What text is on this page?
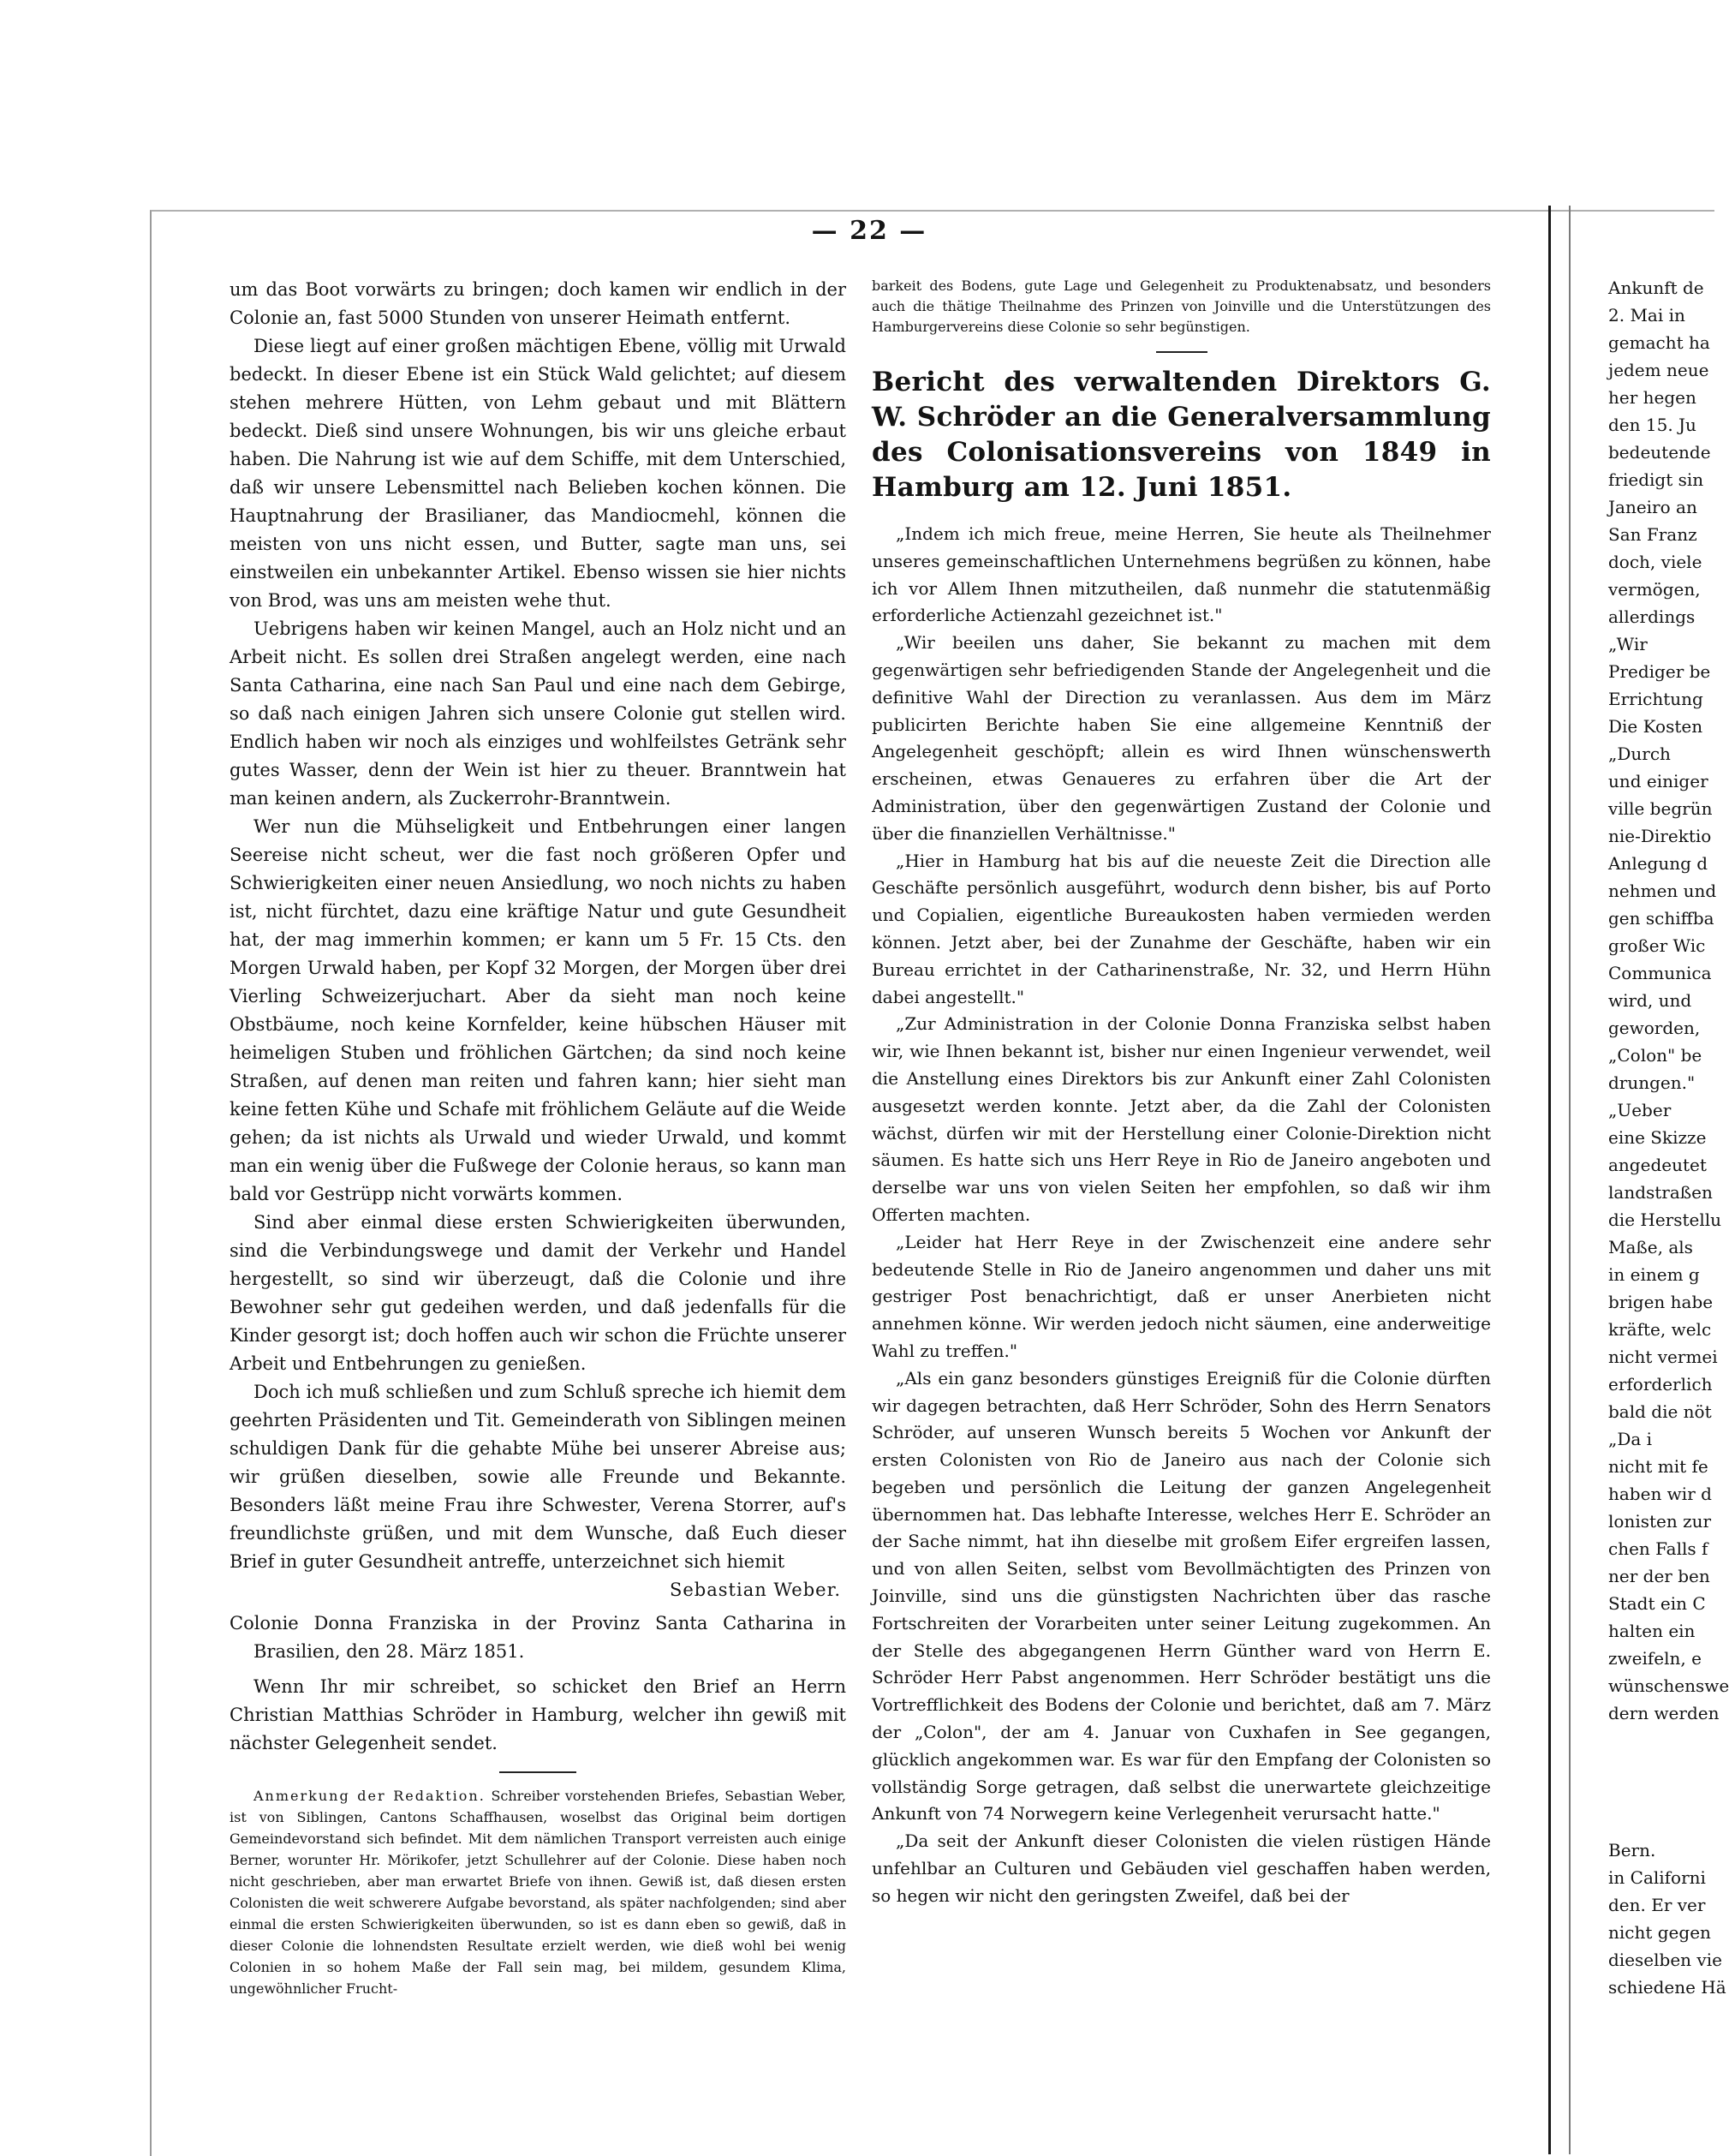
— 22 —

um das Boot vorwärts zu bringen; doch kamen wir endlich in der Colonie an, fast 5000 Stunden von unserer Heimath entfernt.

Diese liegt auf einer großen mächtigen Ebene, völlig mit Urwald bedeckt. In dieser Ebene ist ein Stück Wald gelichtet; auf diesem stehen mehrere Hütten, von Lehm gebaut und mit Blättern bedeckt. Dieß sind unsere Wohnungen, bis wir uns gleiche erbaut haben. Die Nahrung ist wie auf dem Schiffe, mit dem Unterschied, daß wir unsere Lebensmittel nach Belieben kochen können. Die Hauptnahrung der Brasilianer, das Mandiocmehl, können die meisten von uns nicht essen, und Butter, sagte man uns, sei einstweilen ein unbekannter Artikel. Ebenso wissen sie hier nichts von Brod, was uns am meisten wehe thut.

Uebrigens haben wir keinen Mangel, auch an Holz nicht und an Arbeit nicht. Es sollen drei Straßen angelegt werden, eine nach Santa Catharina, eine nach San Paul und eine nach dem Gebirge, so daß nach einigen Jahren sich unsere Colonie gut stellen wird. Endlich haben wir noch als einziges und wohlfeilstes Getränk sehr gutes Wasser, denn der Wein ist hier zu theuer. Branntwein hat man keinen andern, als Zuckerrohr-Branntwein.

Wer nun die Mühseligkeit und Entbehrungen einer langen Seereise nicht scheut, wer die fast noch größeren Opfer und Schwierigkeiten einer neuen Ansiedlung, wo noch nichts zu haben ist, nicht fürchtet, dazu eine kräftige Natur und gute Gesundheit hat, der mag immerhin kommen; er kann um 5 Fr. 15 Cts. den Morgen Urwald haben, per Kopf 32 Morgen, der Morgen über drei Vierling Schweizerjuchart. Aber da sieht man noch keine Obstbäume, noch keine Kornfelder, keine hübschen Häuser mit heimeligen Stuben und fröhlichen Gärtchen; da sind noch keine Straßen, auf denen man reiten und fahren kann; hier sieht man keine fetten Kühe und Schafe mit fröhlichem Geläute auf die Weide gehen; da ist nichts als Urwald und wieder Urwald, und kommt man ein wenig über die Fußwege der Colonie heraus, so kann man bald vor Gestrüpp nicht vorwärts kommen.

Sind aber einmal diese ersten Schwierigkeiten überwunden, sind die Verbindungswege und damit der Verkehr und Handel hergestellt, so sind wir überzeugt, daß die Colonie und ihre Bewohner sehr gut gedeihen werden, und daß jedenfalls für die Kinder gesorgt ist; doch hoffen auch wir schon die Früchte unserer Arbeit und Entbehrungen zu genießen.

Doch ich muß schließen und zum Schluß spreche ich hiemit dem geehrten Präsidenten und Tit. Gemeinderath von Siblingen meinen schuldigen Dank für die gehabte Mühe bei unserer Abreise aus; wir grüßen dieselben, sowie alle Freunde und Bekannte. Besonders läßt meine Frau ihre Schwester, Verena Storrer, auf's freundlichste grüßen, und mit dem Wunsche, daß Euch dieser Brief in guter Gesundheit antreffe, unterzeichnet sich hiemit

Sebastian Weber.

Colonie Donna Franziska in der Provinz Santa Catharina in Brasilien, den 28. März 1851.

Wenn Ihr mir schreibet, so schicket den Brief an Herrn Christian Matthias Schröder in Hamburg, welcher ihn gewiß mit nächster Gelegenheit sendet.

Anmerkung der Redaktion. Schreiber vorstehenden Briefes, Sebastian Weber, ist von Siblingen, Cantons Schaffhausen, woselbst das Original beim dortigen Gemeindevorstand sich befindet. Mit dem nämlichen Transport verreisten auch einige Berner, worunter Hr. Mörikofer, jetzt Schullehrer auf der Colonie. Diese haben noch nicht geschrieben, aber man erwartet Briefe von ihnen. Gewiß ist, daß diesen ersten Colonisten die weit schwerere Aufgabe bevorstand, als später nachfolgenden; sind aber einmal die ersten Schwierigkeiten überwunden, so ist es dann eben so gewiß, daß in dieser Colonie die lohnendsten Resultate erzielt werden, wie dieß wohl bei wenig Colonien in so hohem Maße der Fall sein mag, bei mildem, gesundem Klima, ungewöhnlicher Frucht-

barkeit des Bodens, gute Lage und Gelegenheit zu Produktenabsatz, und besonders auch die thätige Theilnahme des Prinzen von Joinville und die Unterstützungen des Hamburgervereins diese Colonie so sehr begünstigen.

Bericht des verwaltenden Direktors G. W. Schröder an die Generalversammlung des Colonisationsvereins von 1849 in Hamburg am 12. Juni 1851.

„Indem ich mich freue, meine Herren, Sie heute als Theilnehmer unseres gemeinschaftlichen Unternehmens begrüßen zu können, habe ich vor Allem Ihnen mitzutheilen, daß nunmehr die statutenmäßig erforderliche Actienzahl gezeichnet ist."

„Wir beeilen uns daher, Sie bekannt zu machen mit dem gegenwärtigen sehr befriedigenden Stande der Angelegenheit und die definitive Wahl der Direction zu veranlassen. Aus dem im März publicirten Berichte haben Sie eine allgemeine Kenntniß der Angelegenheit geschöpft; allein es wird Ihnen wünschenswerth erscheinen, etwas Genaueres zu erfahren über die Art der Administration, über den gegenwärtigen Zustand der Colonie und über die finanziellen Verhältnisse."

„Hier in Hamburg hat bis auf die neueste Zeit die Direction alle Geschäfte persönlich ausgeführt, wodurch denn bisher, bis auf Porto und Copialien, eigentliche Bureaukosten haben vermieden werden können. Jetzt aber, bei der Zunahme der Geschäfte, haben wir ein Bureau errichtet in der Catharinenstraße, Nr. 32, und Herrn Hühn dabei angestellt."

„Zur Administration in der Colonie Donna Franziska selbst haben wir, wie Ihnen bekannt ist, bisher nur einen Ingenieur verwendet, weil die Anstellung eines Direktors bis zur Ankunft einer Zahl Colonisten ausgesetzt werden konnte. Jetzt aber, da die Zahl der Colonisten wächst, dürfen wir mit der Herstellung einer Colonie-Direktion nicht säumen. Es hatte sich uns Herr Reye in Rio de Janeiro angeboten und derselbe war uns von vielen Seiten her empfohlen, so daß wir ihm Offerten machten.

„Leider hat Herr Reye in der Zwischenzeit eine andere sehr bedeutende Stelle in Rio de Janeiro angenommen und daher uns mit gestriger Post benachrichtigt, daß er unser Anerbieten nicht annehmen könne. Wir werden jedoch nicht säumen, eine anderweitige Wahl zu treffen."

„Als ein ganz besonders günstiges Ereigniß für die Colonie dürften wir dagegen betrachten, daß Herr Schröder, Sohn des Herrn Senators Schröder, auf unseren Wunsch bereits 5 Wochen vor Ankunft der ersten Colonisten von Rio de Janeiro aus nach der Colonie sich begeben und persönlich die Leitung der ganzen Angelegenheit übernommen hat. Das lebhafte Interesse, welches Herr E. Schröder an der Sache nimmt, hat ihn dieselbe mit großem Eifer ergreifen lassen, und von allen Seiten, selbst vom Bevollmächtigten des Prinzen von Joinville, sind uns die günstigsten Nachrichten über das rasche Fortschreiten der Vorarbeiten unter seiner Leitung zugekommen. An der Stelle des abgegangenen Herrn Günther ward von Herrn E. Schröder Herr Pabst angenommen. Herr Schröder bestätigt uns die Vortrefflichkeit des Bodens der Colonie und berichtet, daß am 7. März der „Colon", der am 4. Januar von Cuxhafen in See gegangen, glücklich angekommen war. Es war für den Empfang der Colonisten so vollständig Sorge getragen, daß selbst die unerwartete gleichzeitige Ankunft von 74 Norwegern keine Verlegenheit verursacht hatte."

„Da seit der Ankunft dieser Colonisten die vielen rüstigen Hände unfehlbar an Culturen und Gebäuden viel geschaffen haben werden, so hegen wir nicht den geringsten Zweifel, daß bei der

Ankunft de
2. Mai in
gemacht ha
jedem neue
her hegen
den 15. Ju
bedeutende
friedigt sin
Janeiro an
San Franz
doch, viele
vermögen,
allerdings
„Wir
Prediger be
Errichtung
Die Kosten
„Durch
und einiger
ville begrün
nie-Direktio
Anlegung d
nehmen und
gen schiffba
großer Wic
Communica
wird, und
geworden,
„Colon" be
drungen."
„Ueber
eine Skizze
angedeutet
landstraßen
die Herstellu
Maße, als
in einem g
brigen habe
kräfte, welc
nicht vermei
erforderlich
bald die nöt
„Da i
nicht mit fe
haben wir d
lonisten zur
chen Falls f
ner der ben
Stadt ein C
halten ein
zweifeln, e
wünschenswe
dern werden
Bern.
in Californi
den. Er ver
nicht gegen
dieselben vie
schiedene Hä
